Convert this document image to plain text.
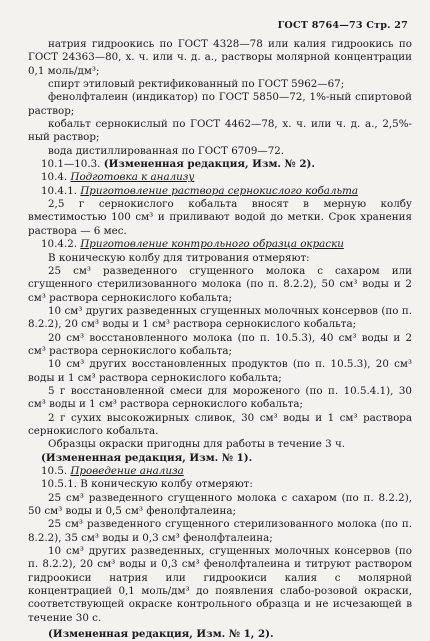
ГОСТ 8764—73 Стр. 27

натрия гидроокись по ГОСТ 4328—78 или калия гидроокись по ГОСТ 24363—80, х. ч. или ч. д. а., растворы молярной концентрации 0,1 моль/дм³;

спирт этиловый ректификованный по ГОСТ 5962—67;

фенолфталеин (индикатор) по ГОСТ 5850—72, 1%-ный спиртовой раствор;

кобальт сернокислый по ГОСТ 4462—78, х. ч. или ч. д. а., 2,5%-ный раствор;

вода дистиллированная по ГОСТ 6709—72.

10.1—10.3. (Измененная редакция, Изм. № 2).

10.4. Подготовка к анализу

10.4.1. Приготовление раствора сернокислого кобальта

2,5 г сернокислого кобальта вносят в мерную колбу вместимостью 100 см³ и приливают водой до метки. Срок хранения раствора — 6 мес.

10.4.2. Приготовление контрольного образца окраски

В коническую колбу для титрования отмеряют:

25 см³ разведенного сгущенного молока с сахаром или сгущенного стерилизованного молока (по п. 8.2.2), 50 см³ воды и 2 см³ раствора сернокислого кобальта;

10 см³ других разведенных сгущенных молочных консервов (по п. 8.2.2), 20 см³ воды и 1 см³ раствора сернокислого кобальта;

20 см³ восстановленного молока (по п. 10.5.3), 40 см³ воды и 2 см³ раствора сернокислого кобальта;

10 см³ других восстановленных продуктов (по п. 10.5.3), 20 см³ воды и 1 см³ раствора сернокислого кобальта;

5 г восстановленной смеси для мороженого (по п. 10.5.4.1), 30 см³ воды и 1 см³ раствора сернокислого кобальта;

2 г сухих высокожирных сливок, 30 см³ воды и 1 см³ раствора сернокислого кобальта.

Образцы окраски пригодны для работы в течение 3 ч.

(Измененная редакция, Изм. № 1).

10.5. Проведение анализа

10.5.1. В коническую колбу отмеряют:

25 см³ разведенного сгущенного молока с сахаром (по п. 8.2.2), 50 см³ воды и 0,5 см³ фенолфталеина;

25 см³ разведенного сгущенного стерилизованного молока (по п. 8.2.2), 35 см³ воды и 0,3 см³ фенолфталеина;

10 см³ других разведенных, сгущенных молочных консервов (по п. 8.2.2), 20 см³ воды и 0,3 см³ фенолфталеина и титруют раствором гидроокиси натрия или гидроокиси калия с молярной концентрацией 0,1 моль/дм³ до появления слабо-розовой окраски, соответствующей окраске контрольного образца и не исчезающей в течение 30 с.

(Измененная редакция, Изм. № 1, 2).
